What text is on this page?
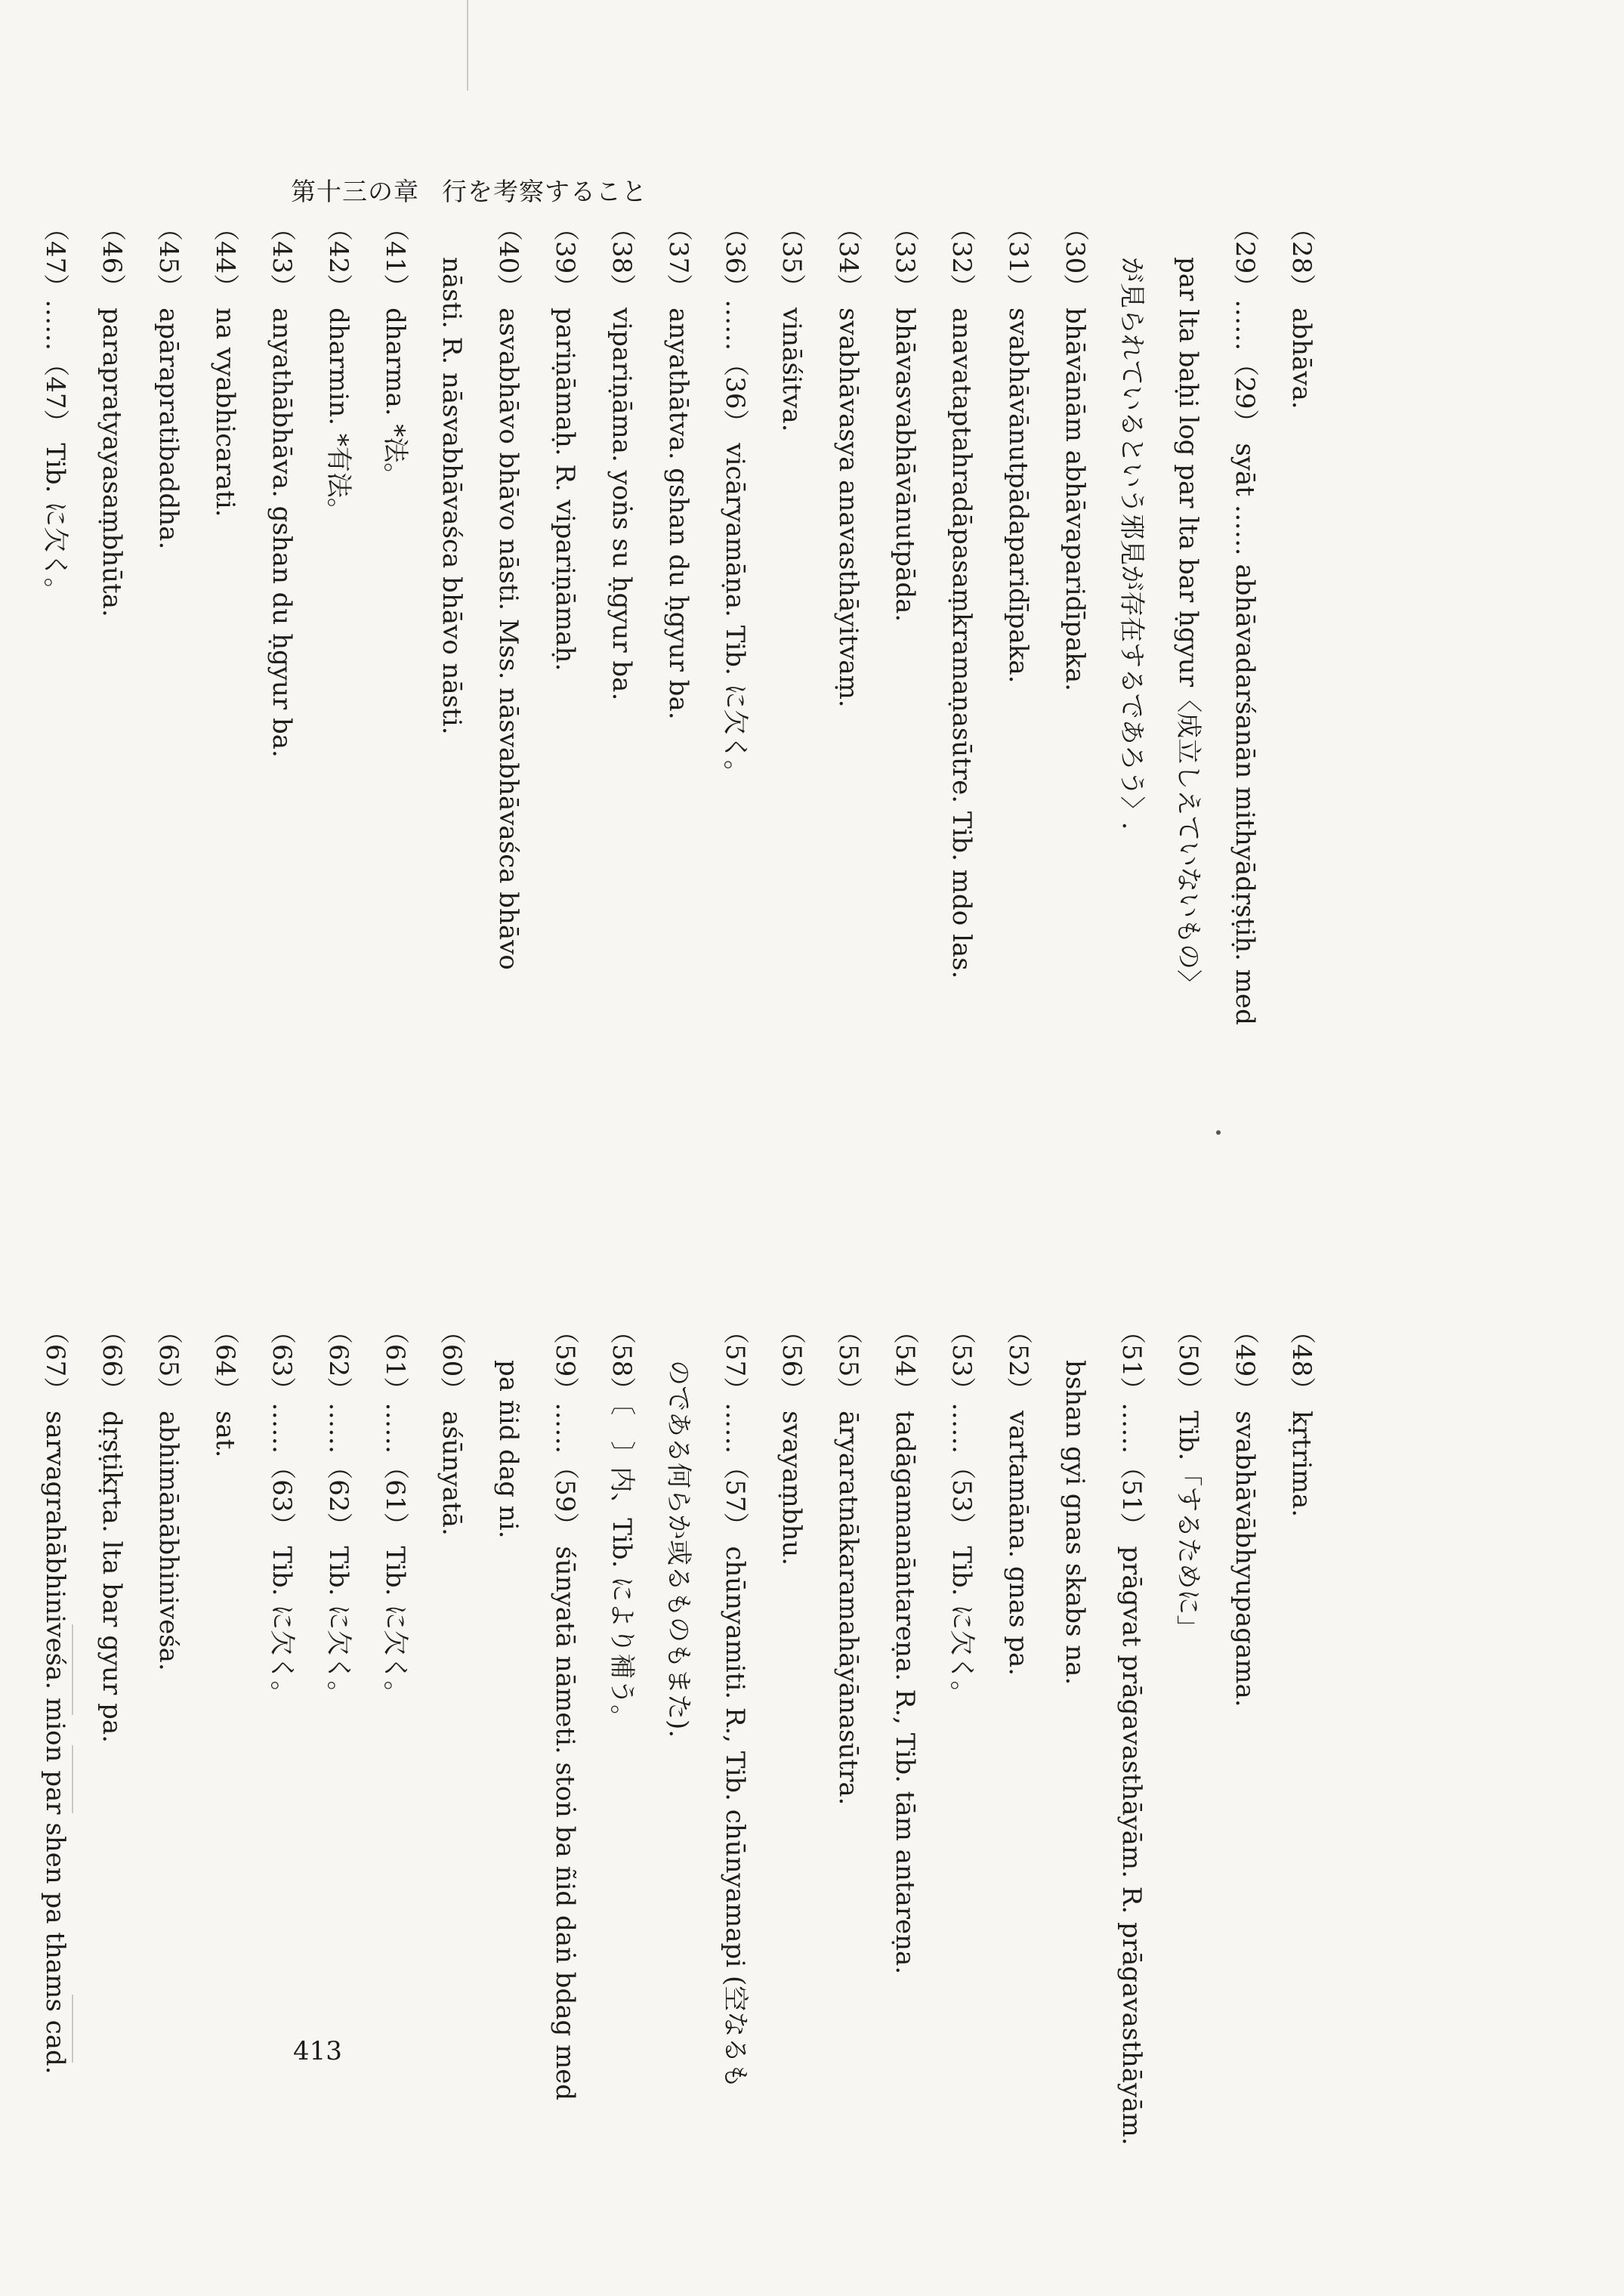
第十三の章 行を考察すること
（28） abhāva.
（29）……（29） syāt …… abhāvadarśanān mithyādṛṣṭiḥ. med
par lta baḥi log par lta bar ḥgyur〈成立しえていないもの〉
が見られているという邪見が存在するであろう〉.
（30） bhāvānām abhāvaparidīpaka.
（31） svabhāvānutpādaparidīpaka.
（32） anavataptahradāpasaṃkramaṇasūtre. Tib. mdo las.
（33） bhāvasvabhāvānutpāda.
（34） svabhāvasya anavasthāyitvaṃ.
（35） vināśitva.
（36）……（36） vicāryamāṇa. Tib. に欠く。
（37） anyathātva. gshan du ḥgyur ba.
（38） vipariṇāma. yoṅs su ḥgyur ba.
（39） pariṇāmaḥ. R. vipariṇāmaḥ.
（40） asvabhāvo bhāvo nāsti. Mss. nāsvabhāvaśca bhāvo
nāsti. R. nāsvabhāvaśca bhāvo nāsti.
（41） dharma. *法。
（42） dharmin. *有法。
（43） anyathābhāva. gshan du ḥgyur ba.
（44） na vyabhicarati.
（45） apārapratibaddha.
（46） parapratyayasaṃbhūta.
（47）……（47） Tib. に欠く。
（48） kṛtrima.
（49） svabhāvābhyupagama.
（50） Tib.「するために」
（51）……（51） prāgvat prāgavasthāyām. R. prāgavasthāyām.
bshan gyi gnas skabs na.
（52） vartamāna. gnas pa.
（53）……（53） Tib. に欠く。
（54） tadāgamanāntareṇa. R., Tib. tām antareṇa.
（55） āryaratnākaramahāyānasūtra.
（56） svayaṃbhu.
（57）……（57） chūnyamiti. R., Tib. chūnyamapi (空なるも
のである何らか或るものもまた).
（58）〔　〕内、Tib. により補う。
（59）……（59） śūnyatā nāmeti. stoṅ ba ñid daṅ bdag med
pa ñid dag ni.
（60） aśūnyatā.
（61）……（61） Tib. に欠く。
（62）……（62） Tib. に欠く。
（63）……（63） Tib. に欠く。
（64） sat.
（65） abhimānābhiniveśa.
（66） dṛṣṭikṛta. lta bar gyur pa.
（67） sarvagrahābhiniveśa. mion par shen pa thams cad.	413
